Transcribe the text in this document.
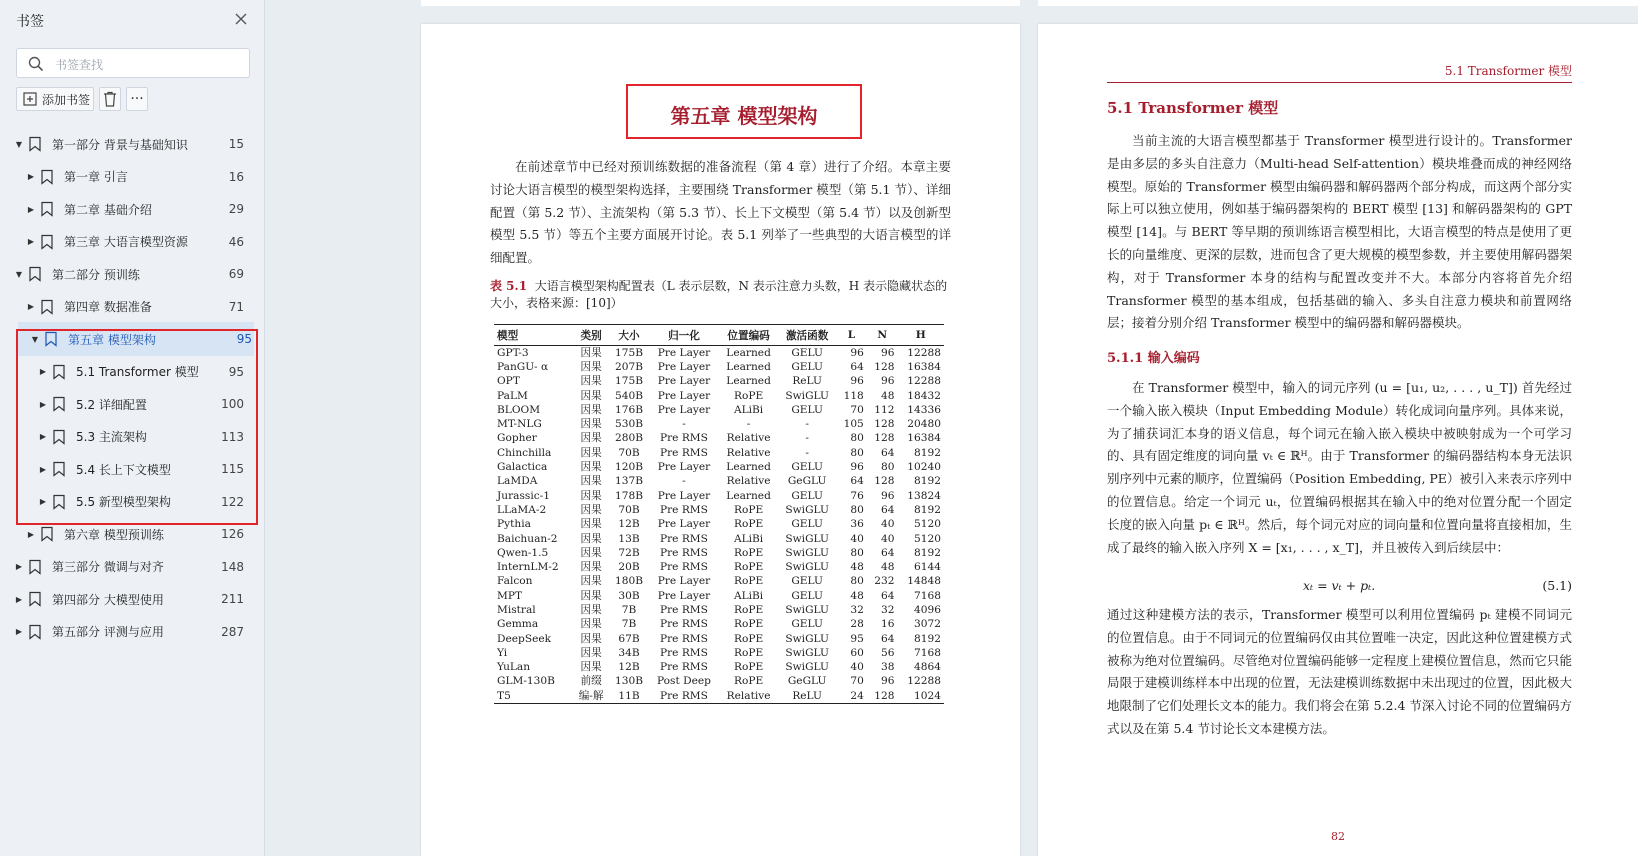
书签
书签查找
添加书签	···
▼ 第一部分 背景与基础知识	15
▶ 第一章 引言	16
▶ 第二章 基础介绍	29
▶ 第三章 大语言模型资源	46
▼ 第二部分 预训练	69
▶ 第四章 数据准备	71
▼ 第五章 模型架构	95
▶ 5.1 Transformer 模型 95
▶ 5.2 详细配置	100
▶ 5.3 主流架构	113
▶ 5.4 长上下文模型	115
▶ 5.5 新型模型架构	122
▶ 第六章 模型预训练	126
▶ 第三部分 微调与对齐	148
▶ 第四部分 大模型使用	211
▶ 第五部分 评测与应用	287
第五章 模型架构
在前述章节中已经对预训练数据的准备流程（第 4 章）进行了介绍。本章主要讨论大语言模型的模型架构选择，主要围绕 Transformer 模型（第 5.1 节）、详细配置（第 5.2 节）、主流架构（第 5.3 节）、长上下文模型（第 5.4 节）以及创新型模型 5.5 节）等五个主要方面展开讨论。表 5.1 列举了一些典型的大语言模型的详细配置。
表 5.1 大语言模型架构配置表（L 表示层数，N 表示注意力头数，H 表示隐藏状态的大小，表格来源：[10]）
模型	类别	大小	归一化	位置编码	激活函数	L	N	H
GPT-3	因果	175B	Pre Layer	Learned	GELU	96	96	12288
PanGU- α	因果	207B	Pre Layer	Learned	GELU	64	128	16384
OPT	因果	175B	Pre Layer	Learned	ReLU	96	96	12288
PaLM	因果	540B	Pre Layer	RoPE	SwiGLU	118	48	18432
BLOOM	因果	176B	Pre Layer	ALiBi	GELU	70	112	14336
MT-NLG	因果	530B	-	-	-	105	128	20480
Gopher	因果	280B	Pre RMS	Relative	-	80	128	16384
Chinchilla	因果	70B	Pre RMS	Relative	-	80	64	8192
Galactica	因果	120B	Pre Layer	Learned	GELU	96	80	10240
LaMDA	因果	137B	-	Relative	GeGLU	64	128	8192
Jurassic-1	因果	178B	Pre Layer	Learned	GELU	76	96	13824
LLaMA-2	因果	70B	Pre RMS	RoPE	SwiGLU	80	64	8192
Pythia	因果	12B	Pre Layer	RoPE	GELU	36	40	5120
Baichuan-2	因果	13B	Pre RMS	ALiBi	SwiGLU	40	40	5120
Qwen-1.5	因果	72B	Pre RMS	RoPE	SwiGLU	80	64	8192
InternLM-2	因果	20B	Pre RMS	RoPE	SwiGLU	48	48	6144
Falcon	因果	180B	Pre Layer	RoPE	GELU	80	232	14848
MPT	因果	30B	Pre Layer	ALiBi	GELU	48	64	7168
Mistral	因果	7B	Pre RMS	RoPE	SwiGLU	32	32	4096
Gemma	因果	7B	Pre RMS	RoPE	GELU	28	16	3072
DeepSeek	因果	67B	Pre RMS	RoPE	SwiGLU	95	64	8192
Yi	因果	34B	Pre RMS	RoPE	SwiGLU	60	56	7168
YuLan	因果	12B	Pre RMS	RoPE	SwiGLU	40	38	4864
GLM-130B	前缀	130B	Post Deep	RoPE	GeGLU	70	96	12288
T5	编-解	11B	Pre RMS	Relative	ReLU	24	128	1024
5.1 Transformer 模型
5.1 Transformer 模型
当前主流的大语言模型都基于 Transformer 模型进行设计的。Transformer 是由多层的多头自注意力（Multi-head Self-attention）模块堆叠而成的神经网络模型。原始的 Transformer 模型由编码器和解码器两个部分构成，而这两个部分实际上可以独立使用，例如基于编码器架构的 BERT 模型 [13] 和解码器架构的 GPT 模型 [14]。与 BERT 等早期的预训练语言模型相比，大语言模型的特点是使用了更长的向量维度、更深的层数，进而包含了更大规模的模型参数，并主要使用解码器架构，对于 Transformer 本身的结构与配置改变并不大。本部分内容将首先介绍 Transformer 模型的基本组成，包括基础的输入、多头自注意力模块和前置网络层；接着分别介绍 Transformer 模型中的编码器和解码器模块。
5.1.1 输入编码
在 Transformer 模型中，输入的词元序列 (u = [u₁, u₂, . . . , u_T]) 首先经过一个输入嵌入模块（Input Embedding Module）转化成词向量序列。具体来说，为了捕获词汇本身的语义信息，每个词元在输入嵌入模块中被映射成为一个可学习的、具有固定维度的词向量 vₜ ∈ ℝᴴ。由于 Transformer 的编码器结构本身无法识别序列中元素的顺序，位置编码（Position Embedding, PE）被引入来表示序列中的位置信息。给定一个词元 uₜ，位置编码根据其在输入中的绝对位置分配一个固定长度的嵌入向量 pₜ ∈ ℝᴴ。然后，每个词元对应的词向量和位置向量将直接相加，生成了最终的输入嵌入序列 X = [x₁, . . . , x_T]，并且被传入到后续层中：
xₜ = vₜ + pₜ.	(5.1)
通过这种建模方法的表示，Transformer 模型可以利用位置编码 pₜ 建模不同词元的位置信息。由于不同词元的位置编码仅由其位置唯一决定，因此这种位置建模方式被称为绝对位置编码。尽管绝对位置编码能够一定程度上建模位置信息，然而它只能局限于建模训练样本中出现的位置，无法建模训练数据中未出现过的位置，因此极大地限制了它们处理长文本的能力。我们将会在第 5.2.4 节深入讨论不同的位置编码方式以及在第 5.4 节讨论长文本建模方法。
82
